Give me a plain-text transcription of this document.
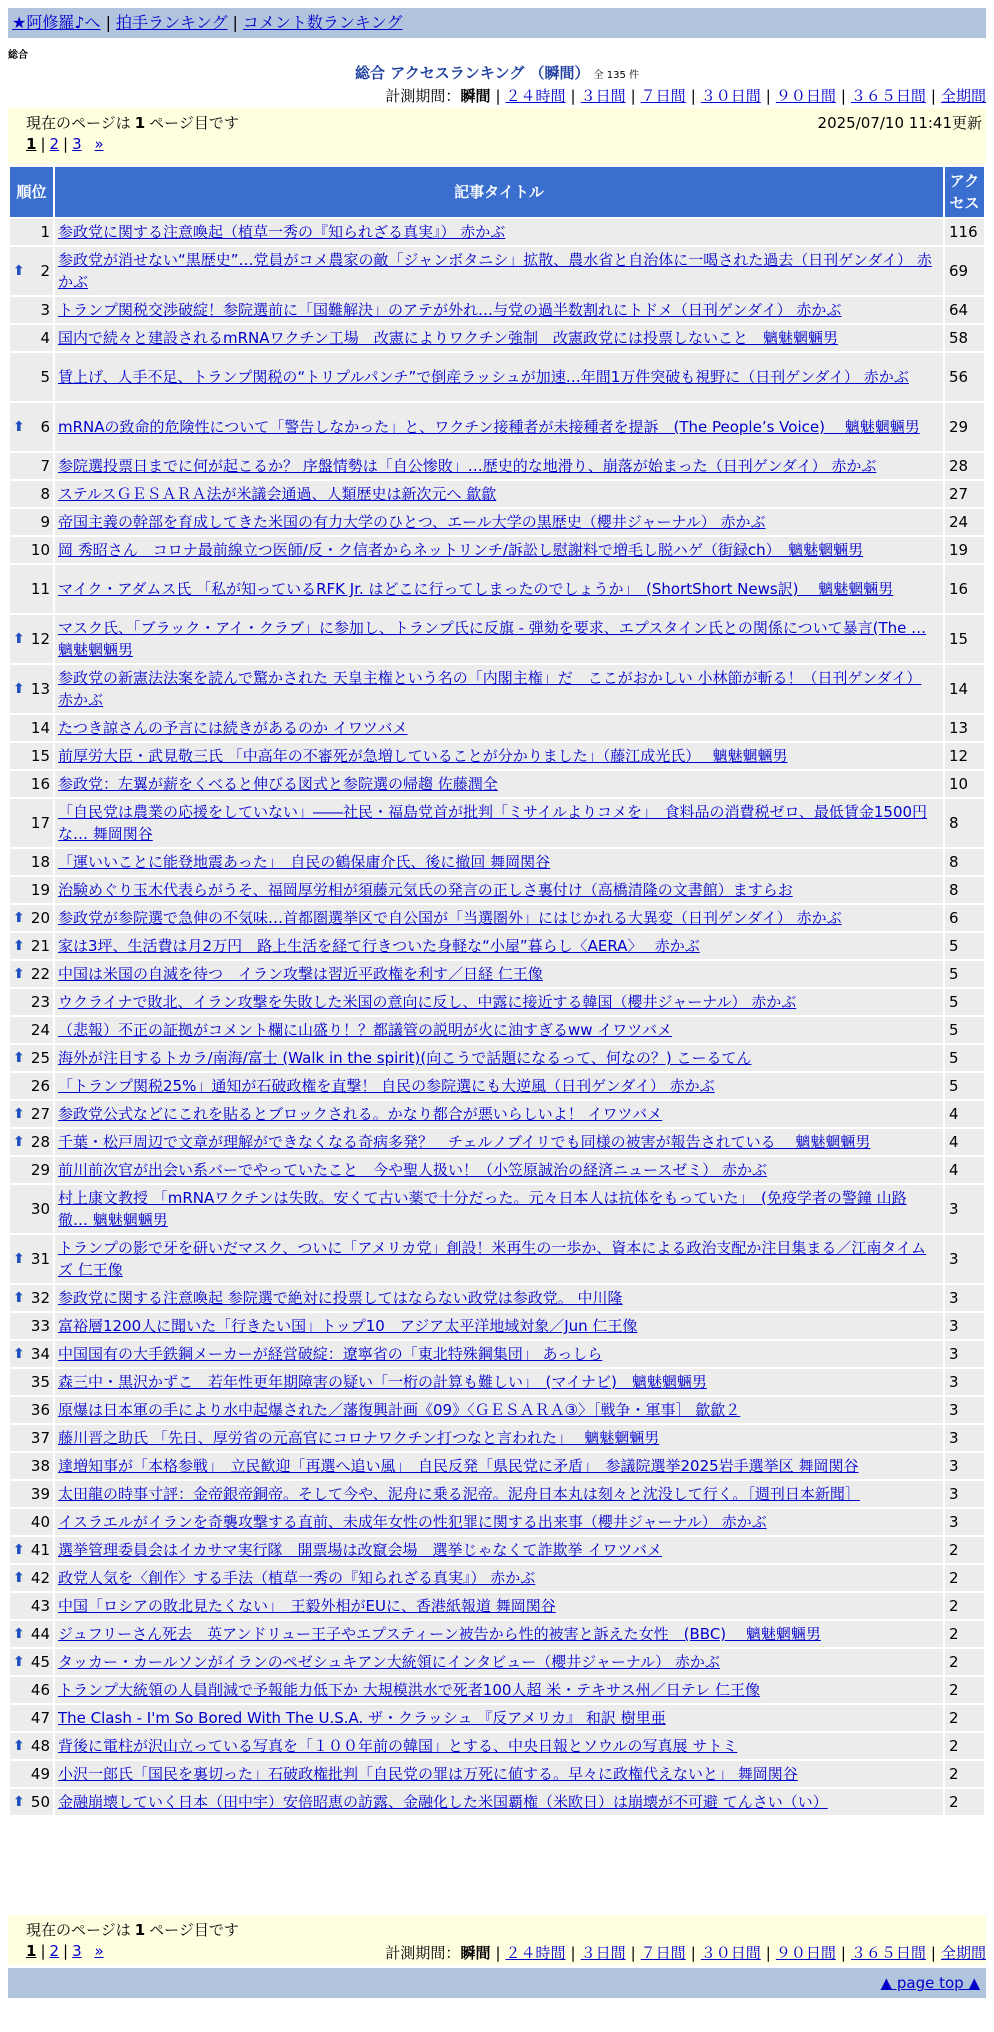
★阿修羅♪へ | 拍手ランキング | コメント数ランキング
総合
総合 アクセスランキング （瞬間） 全 135 件
計測期間：瞬間 | ２４時間 | ３日間 | ７日間 | ３０日間 | ９０日間 | ３６５日間 | 全期間
現在のページは 1 ページ目です	2025/07/10 11:41更新
1 | 2 | 3 »
順位	記事タイトル	アクセス
1	参政党に関する注意喚起（植草一秀の『知られざる真実』） 赤かぶ	116

⬆ 2	参政党が消せない“黒歴史”…党員がコメ農家の敵「ジャンボタニシ」拡散、農水省と自治体に一喝された過去（日刊ゲンダイ） 赤かぶ	69
3	トランプ関税交渉破綻！参院選前に「国難解決」のアテが外れ…与党の過半数割れにトドメ（日刊ゲンダイ） 赤かぶ	64
4	国内で続々と建設されるmRNAワクチン工場　改憲によりワクチン強制　改憲政党には投票しないこと　魑魅魍魎男	58
5	賃上げ、人手不足、トランプ関税の“トリプルパンチ”で倒産ラッシュが加速…年間1万件突破も視野に（日刊ゲンダイ） 赤かぶ	56

⬆ 6	mRNAの致命的危険性について「警告しなかった」と、ワクチン接種者が未接種者を提訴　(The People’s Voice)　 魑魅魍魎男	29
7	参院選投票日までに何が起こるか？ 序盤情勢は「自公惨敗」…歴史的な地滑り、崩落が始まった（日刊ゲンダイ） 赤かぶ	28
8	ステルスＧＥＳＡＲＡ法が米議会通過、人類歴史は新次元へ 歙歙	27
9	帝国主義の幹部を育成してきた米国の有力大学のひとつ、エール大学の黒歴史（櫻井ジャーナル） 赤かぶ	24
10	岡 秀昭さん　コロナ最前線立つ医師/反・ク信者からネットリンチ/訴訟し慰謝料で増毛し脱ハゲ（街録ch）　魑魅魍魎男	19
11	マイク・アダムス氏 「私が知っているRFK Jr. はどこに行ってしまったのでしょうか」　(ShortShort News訳)　 魑魅魍魎男	16

⬆ 12	マスク氏、「ブラック・アイ・クラブ」に参加し、トランプ氏に反旗 - 弾劾を要求、エプスタイン氏との関係について暴言(The … 魑魅魍魎男	15

⬆ 13	参政党の新憲法法案を読んで驚かされた 天皇主権という名の「内閣主権」だ　ここがおかしい 小林節が斬る！（日刊ゲンダイ） 赤かぶ	14
14	たつき諒さんの予言には続きがあるのか イワツバメ	13
15	前厚労大臣・武見敬三氏 「中高年の不審死が急増していることが分かりました」（藤江成光氏）　 魑魅魍魎男	12
16	参政党：左翼が薪をくべると伸びる図式と参院選の帰趨 佐藤潤全	10
17	「自民党は農業の応援をしていない」――社民・福島党首が批判「ミサイルよりコメを」　食料品の消費税ゼロ、最低賃金1500円な… 舞岡関谷	8
18	「運いいことに能登地震あった」　自民の鶴保庸介氏、後に撤回 舞岡関谷	8
19	治験めぐり玉木代表らがうそ、福岡厚労相が須藤元気氏の発言の正しさ裏付け（高橋清隆の文書館）ますらお	8

⬆ 20	参政党が参院選で急伸の不気味…首都圏選挙区で自公国が「当選圏外」にはじかれる大異変（日刊ゲンダイ） 赤かぶ	6

⬆ 21	家は3坪、生活費は月2万円　路上生活を経て行きついた身軽な“小屋”暮らし〈AERA〉　 赤かぶ	5

⬆ 22	中国は米国の自滅を待つ　イラン攻撃は習近平政権を利す／日経 仁王像	5
23	ウクライナで敗北、イラン攻撃を失敗した米国の意向に反し、中露に接近する韓国（櫻井ジャーナル） 赤かぶ	5
24	（悲報）不正の証拠がコメント欄に山盛り！？都議管の説明が火に油すぎるww イワツバメ	5

⬆ 25	海外が注目するトカラ/南海/富士 (Walk in the spirit)(向こうで話題になるって、何なの？) こーるてん	5
26	「トランプ関税25%」通知が石破政権を直撃！ 自民の参院選にも大逆風（日刊ゲンダイ） 赤かぶ	5

⬆ 27	参政党公式などにこれを貼るとブロックされる。かなり都合が悪いらしいよ！ イワツバメ	4

⬆ 28	千葉・松戸周辺で文章が理解ができなくなる奇病多発？　チェルノブイリでも同様の被害が報告されている　 魑魅魍魎男	4
29	前川前次官が出会い系バーでやっていたこと　今や聖人扱い！（小笠原誠治の経済ニュースゼミ） 赤かぶ	4
30	村上康文教授 「mRNAワクチンは失敗。安くて古い薬で十分だった。元々日本人は抗体をもっていた」　(免疫学者の警鐘 山路 徹… 魑魅魍魎男	3

⬆ 31	トランプの影で牙を研いだマスク、ついに「アメリカ党」創設！米再生の一歩か、資本による政治支配か注目集まる／江南タイムズ 仁王像	3

⬆ 32	参政党に関する注意喚起 参院選で絶対に投票してはならない政党は参政党。 中川隆	3
33	富裕層1200人に聞いた「行きたい国」トップ10　アジア太平洋地域対象／Jun 仁王像	3

⬆ 34	中国国有の大手鉄鋼メーカーが経営破綻：遼寧省の「東北特殊鋼集団」 あっしら	3
35	森三中・黒沢かずこ　若年性更年期障害の疑い「一桁の計算も難しい」　(マイナビ)　魑魅魍魎男	3
36	原爆は日本軍の手により水中起爆された／藩復興計画《09》〈ＧＥＳＡＲＡ③〉［戦争・軍事］ 歙歙２	3
37	藤川晋之助氏 「先日、厚労省の元高官にコロナワクチン打つなと言われた」　 魑魅魍魎男	3
38	達増知事が「本格参戦」　立民歓迎「再選へ追い風」　自民反発「県民党に矛盾」　参議院選挙2025岩手選挙区 舞岡関谷	3
39	太田龍の時事寸評：金帝銀帝銅帝。そして今や、泥舟に乗る泥帝。泥舟日本丸は刻々と沈没して行く。［週刊日本新聞］	3
40	イスラエルがイランを奇襲攻撃する直前、未成年女性の性犯罪に関する出来事（櫻井ジャーナル） 赤かぶ	3

⬆ 41	選挙管理委員会はイカサマ実行隊　開票場は改竄会場　選挙じゃなくて詐欺挙 イワツバメ	2

⬆ 42	政党人気を〈創作〉する手法（植草一秀の『知られざる真実』） 赤かぶ	2
43	中国「ロシアの敗北見たくない」　王毅外相がEUに、香港紙報道 舞岡関谷	2

⬆ 44	ジュフリーさん死去　英アンドリュー王子やエプスティーン被告から性的被害と訴えた女性　(BBC)　 魑魅魍魎男	2

⬆ 45	タッカー・カールソンがイランのペゼシュキアン大統領にインタビュー（櫻井ジャーナル） 赤かぶ	2
46	トランプ大統領の人員削減で予報能力低下か 大規模洪水で死者100人超 米・テキサス州／日テレ 仁王像	2
47	The Clash - I'm So Bored With The U.S.A. ザ・クラッシュ 『反アメリカ』 和訳 樹里亜	2

⬆ 48	背後に電柱が沢山立っている写真を「１００年前の韓国」とする、中央日報とソウルの写真展 サトミ	2
49	小沢一郎氏「国民を裏切った」石破政権批判「自民党の罪は万死に値する。早々に政権代えないと」 舞岡関谷	2

⬆ 50	金融崩壊していく日本（田中宇）安倍昭恵の訪露、金融化した米国覇権（米欧日）は崩壊が不可避 てんさい（い）	2
現在のページは 1 ページ目です
1 | 2 | 3 »	計測期間：瞬間 | ２４時間 | ３日間 | ７日間 | ３０日間 | ９０日間 | ３６５日間 | 全期間
▲ page top ▲
